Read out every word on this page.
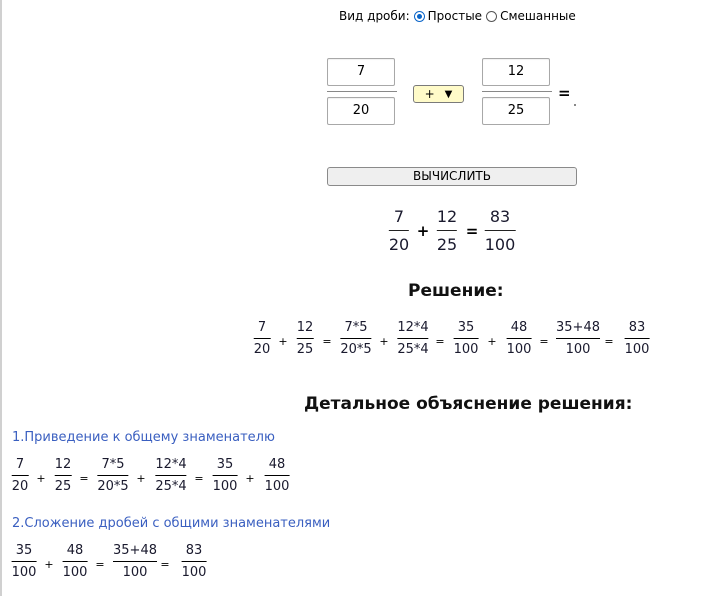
Вид дроби: Простые Смешанные
7
20
+ ▼
12
25
=
ВЫЧИСЛИТЬ
7
20
+
12
25
=
83
100
Решение:
7
20
12
25
7*5
20*5
12*4
25*4
35
100
48
100
35+48
100
83
100
+	=	+	=	+	=	=
Детальное объяснение решения:
1.Приведение к общему знаменателю
7
20
12
25
7*5
20*5
12*4
25*4
35
100
48
100
+	=	+	=	+
2.Сложение дробей с общими знаменателями
35
100
48
100
35+48
100
83
100
+	=	=
